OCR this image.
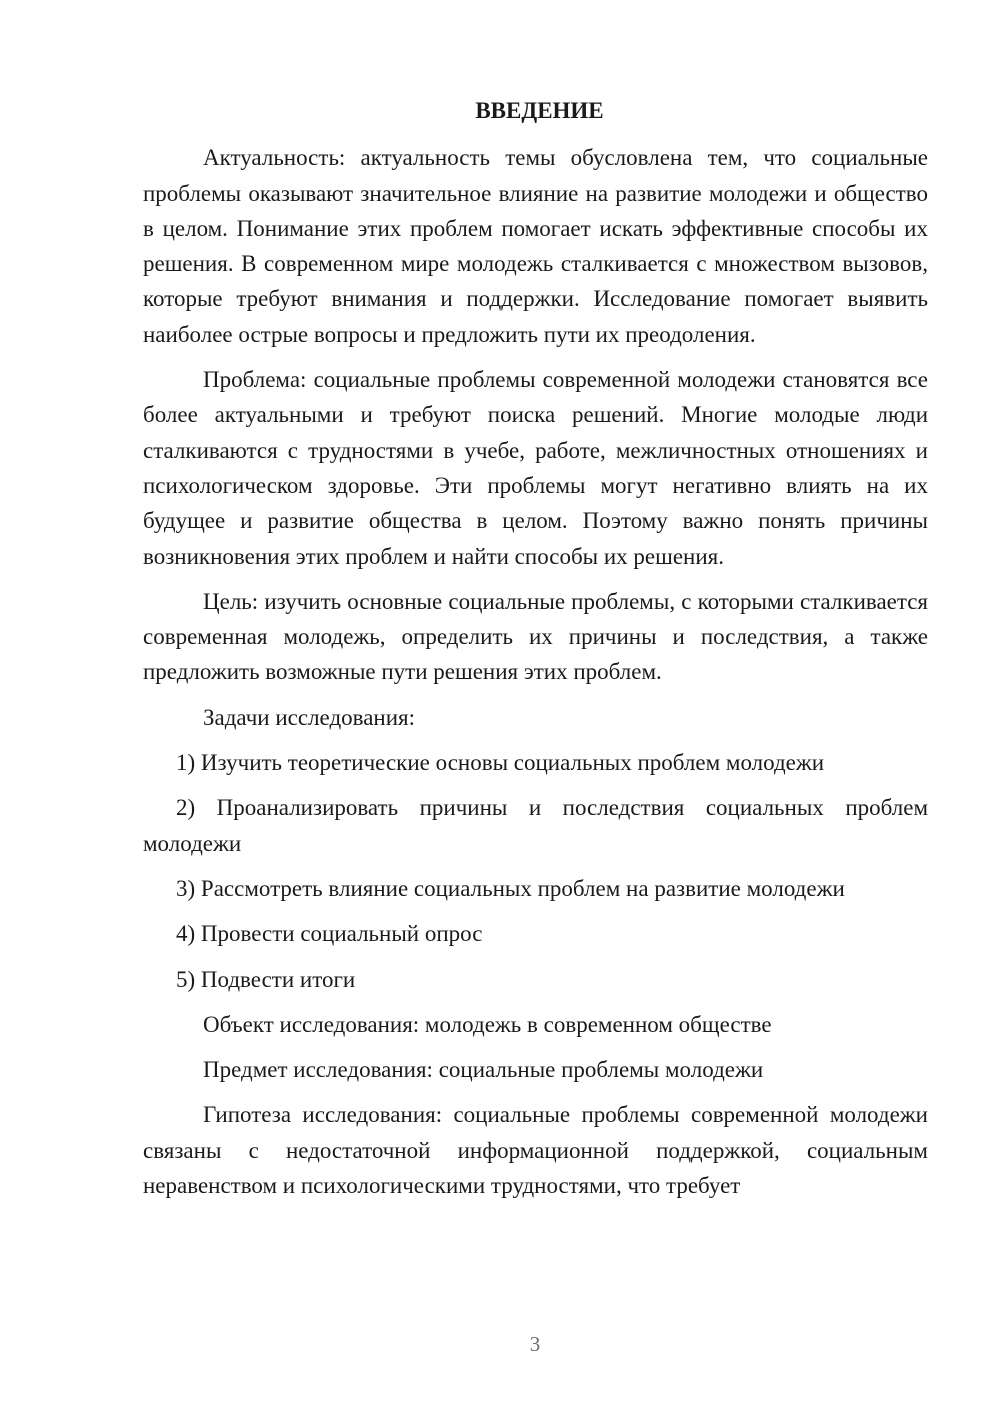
ВВЕДЕНИЕ

Актуальность: актуальность темы обусловлена тем, что социальные проблемы оказывают значительное влияние на развитие молодежи и общество в целом. Понимание этих проблем помогает искать эффективные способы их решения. В современном мире молодежь сталкивается с множеством вызовов, которые требуют внимания и поддержки. Исследование помогает выявить наиболее острые вопросы и предложить пути их преодоления.

Проблема: социальные проблемы современной молодежи становятся все более актуальными и требуют поиска решений. Многие молодые люди сталкиваются с трудностями в учебе, работе, межличностных отношениях и психологическом здоровье. Эти проблемы могут негативно влиять на их будущее и развитие общества в целом. Поэтому важно понять причины возникновения этих проблем и найти способы их решения.

Цель: изучить основные социальные проблемы, с которыми сталкивается современная молодежь, определить их причины и последствия, а также предложить возможные пути решения этих проблем.

Задачи исследования:

1) Изучить теоретические основы социальных проблем молодежи

2) Проанализировать причины и последствия социальных проблем молодежи

3) Рассмотреть влияние социальных проблем на развитие молодежи

4) Провести социальный опрос

5) Подвести итоги

Объект исследования: молодежь в современном обществе

Предмет исследования: социальные проблемы молодежи

Гипотеза исследования: социальные проблемы современной молодежи связаны с недостаточной информационной поддержкой, социальным неравенством и психологическими трудностями, что требует

3
